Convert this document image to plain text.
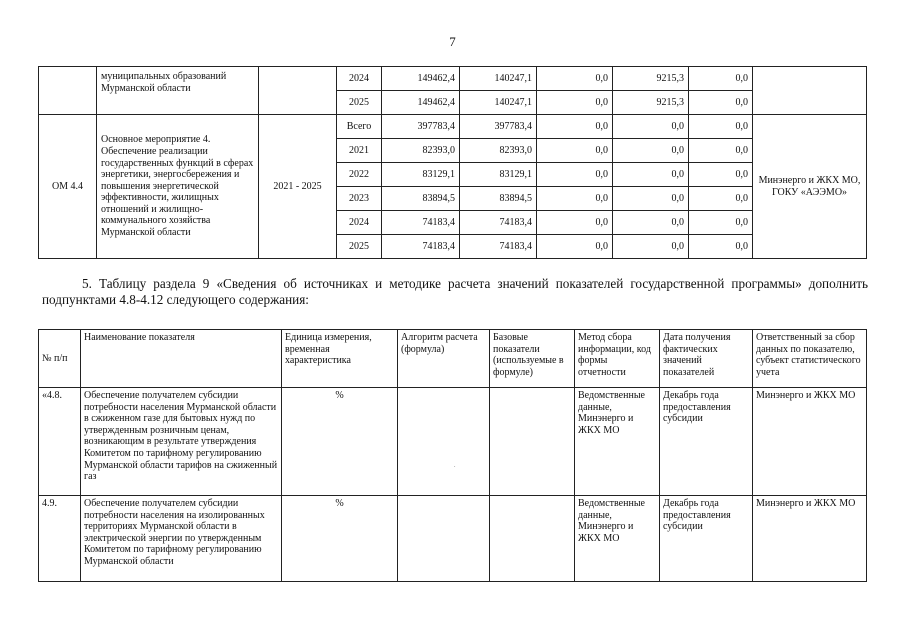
7
	муниципальных образований Мурманской области		2024	149462,4	140247,1	0,0	9215,3	0,0	
			2025	149462,4	140247,1	0,0	9215,3	0,0	
ОМ 4.4	Основное мероприятие 4. Обеспечение реализации государственных функций в сферах энергетики, энергосбережения и повышения энергетической эффективности, жилищных отношений и жилищно-коммунального хозяйства Мурманской области	2021 - 2025	Всего	397783,4	397783,4	0,0	0,0	0,0	Минэнерго и ЖКХ МО, ГОКУ «АЭЭМО»
			2021	82393,0	82393,0	0,0	0,0	0,0	
			2022	83129,1	83129,1	0,0	0,0	0,0	
			2023	83894,5	83894,5	0,0	0,0	0,0	
			2024	74183,4	74183,4	0,0	0,0	0,0	
			2025	74183,4	74183,4	0,0	0,0	0,0	
5. Таблицу раздела 9 «Сведения об источниках и методике расчета значений показателей государственной программы» дополнить подпунктами 4.8-4.12 следующего содержания:
№ п/п	Наименование показателя	Единица измерения, временная характеристика	Алгоритм расчета (формула)	Базовые показатели (используемые в формуле)	Метод сбора информации, код формы отчетности	Дата получения фактических значений показателей	Ответственный за сбор данных по показателю, субъект статистического учета
«4.8.	Обеспечение получателем субсидии потребности населения Мурманской области в сжиженном газе для бытовых нужд по утвержденным розничным ценам, возникающим в результате утверждения Комитетом по тарифному регулированию Мурманской области тарифов на сжиженный газ	%			Ведомственные данные, Минэнерго и ЖКХ МО	Декабрь года предоставления субсидии	Минэнерго и ЖКХ МО
4.9.	Обеспечение получателем субсидии потребности населения на изолированных территориях Мурманской области в электрической энергии по утвержденным Комитетом по тарифному регулированию Мурманской области	%			Ведомственные данные, Минэнерго и ЖКХ МО	Декабрь года предоставления субсидии	Минэнерго и ЖКХ МО
.
